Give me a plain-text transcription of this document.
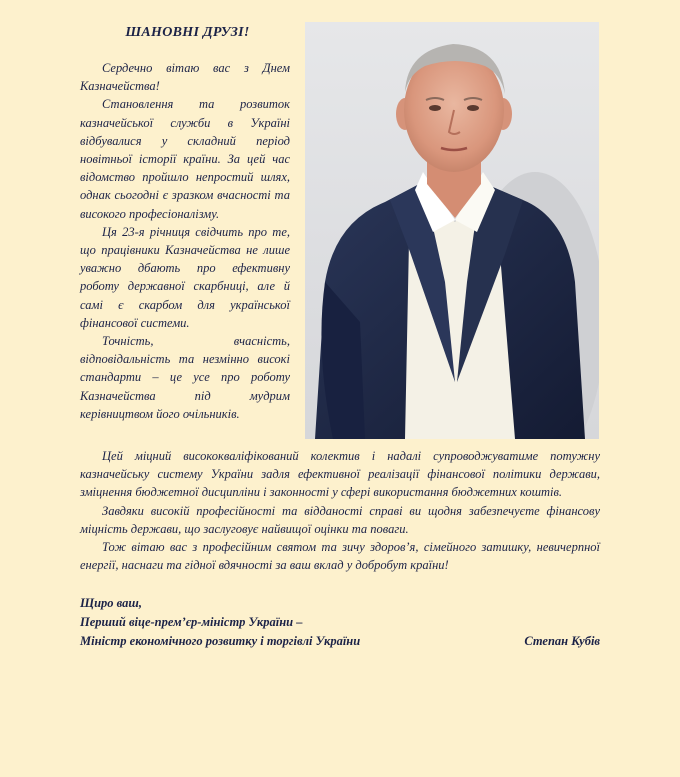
ШАНОВНІ ДРУЗІ!

Сердечно вітаю вас з Днем Казначейства!

Становлення та розвиток казначейської служби в Україні відбувалися у складний період новітньої історії країни. За цей час відомство пройшло непростий шлях, однак сьогодні є зразком вчасності та високого професіоналізму.

Ця 23-я річниця свідчить про те, що працівники Казначейства не лише уважно дбають про ефективну роботу державної скарбниці, але й самі є скарбом для української фінансової системи.

Точність, вчасність, відповідальність та незмінно високі стандарти – це усе про роботу Казначейства під мудрим керівництвом його очільників.

Цей міцний висококваліфікований колектив і надалі супроводжуватиме потужну казначейську систему України задля ефективної реалізації фінансової політики держави, зміцнення бюджетної дисципліни і законності у сфері використання бюджетних коштів.

Завдяки високій професійності та відданості справі ви щодня забезпечуєте фінансову міцність держави, що заслуговує найвищої оцінки та поваги.

Тож вітаю вас з професійним святом та зичу здоров’я, сімейного затишку, невичерпної енергії, наснаги та гідної вдячності за ваш вклад у добробут країни!

Щиро ваш,
Перший віце-прем’єр-міністр України –
Міністр економічного розвитку і торгівлі України	Степан Кубів
